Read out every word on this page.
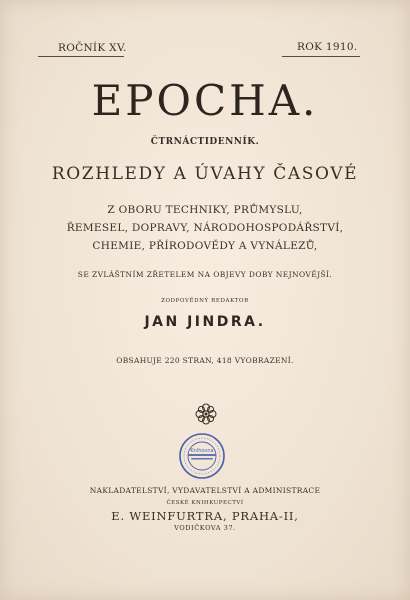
ROČNÍK XV.	ROK 1910.
EPOCHA.
ČTRNÁCTIDENNÍK.
ROZHLEDY A ÚVAHY ČASOVÉ
Z OBORU TECHNIKY, PRŮMYSLU,
ŘEMESEL, DOPRAVY, NÁRODOHOSPODÁŘSTVÍ,
CHEMIE, PŘÍRODOVĚDY A VYNÁLEZŮ,
SE ZVLÁŠTNÍM ZŘETELEM NA OBJEVY DOBY NEJNOVĚJŠÍ.
ZODPOVĚDNÝ REDAKTOR
JAN JINDRA.
OBSAHUJE 220 STRAN, 418 VYOBRAZENÍ.
Knihovna
NAKLADATELSTVÍ, VYDAVATELSTVÍ A ADMINISTRACE
ČESKÉ KNIHKUPECTVÍ
E. WEINFURTRA, PRAHA-II,
VODIČKOVA 37.
